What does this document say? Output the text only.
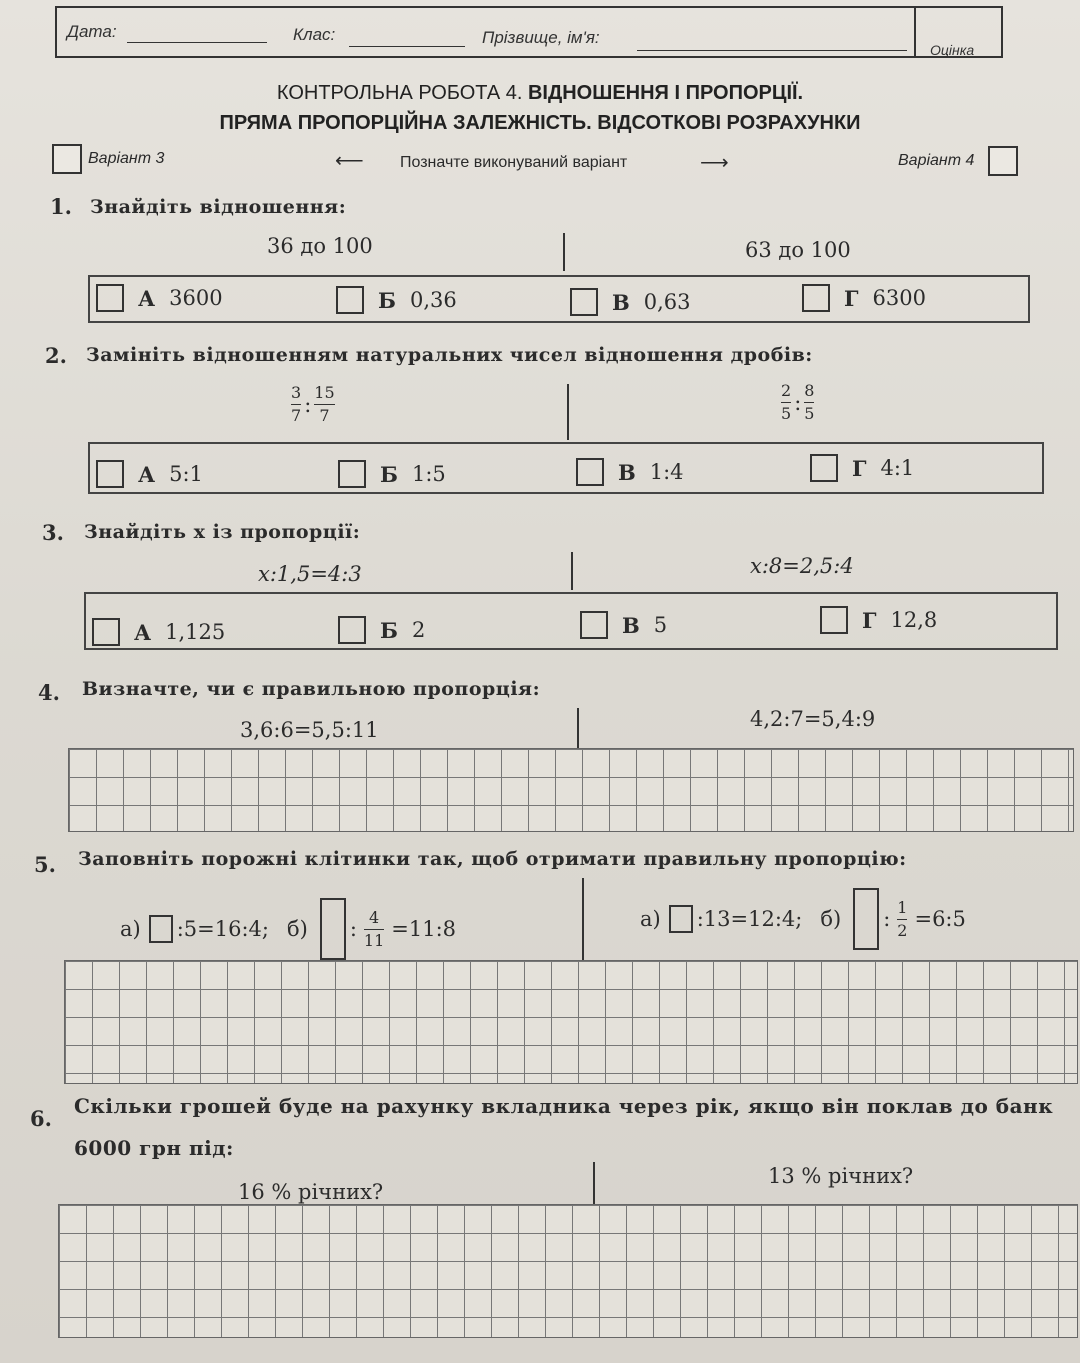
Дата:	Клас:	Прізвище, ім'я:
Оцінка
КОНТРОЛЬНА РОБОТА 4. ВІДНОШЕННЯ І ПРОПОРЦІЇ.
ПРЯМА ПРОПОРЦІЙНА ЗАЛЕЖНІСТЬ. ВІДСОТКОВІ РОЗРАХУНКИ
Варіант 3	⟵ Позначте виконуваний варіант	⟶	Варіант 4
1. Знайдіть відношення:
36 до 100	63 до 100
А 3600	Б 0,36	В 0,63	Г 6300
2. Замініть відношенням натуральних чисел відношення дробів:
$\frac{3}{7}$ : $\frac{15}{7}$	$\frac{2}{5}$ : $\frac{8}{5}$
А 5:1	Б 1:5	В 1:4	Г 4:1
3. Знайдіть x із пропорції:
x:1,5=4:3	x:8=2,5:4
А 1,125	Б 2	В 5	Г 12,8
4. Визначте, чи є правильною пропорція:
3,6:6=5,5:11	4,2:7=5,4:9
5. Заповніть порожні клітинки так, щоб отримати правильну пропорцію:
а) :5=16:4; б) : $\frac{4}{11}$ =11:8	а) :13=12:4; б) : $\frac{1}{2}$ =6:5
6. Скільки грошей буде на рахунку вкладника через рік, якщо він поклав до банк
6000 грн під:
16 % річних?
13 % річних?
